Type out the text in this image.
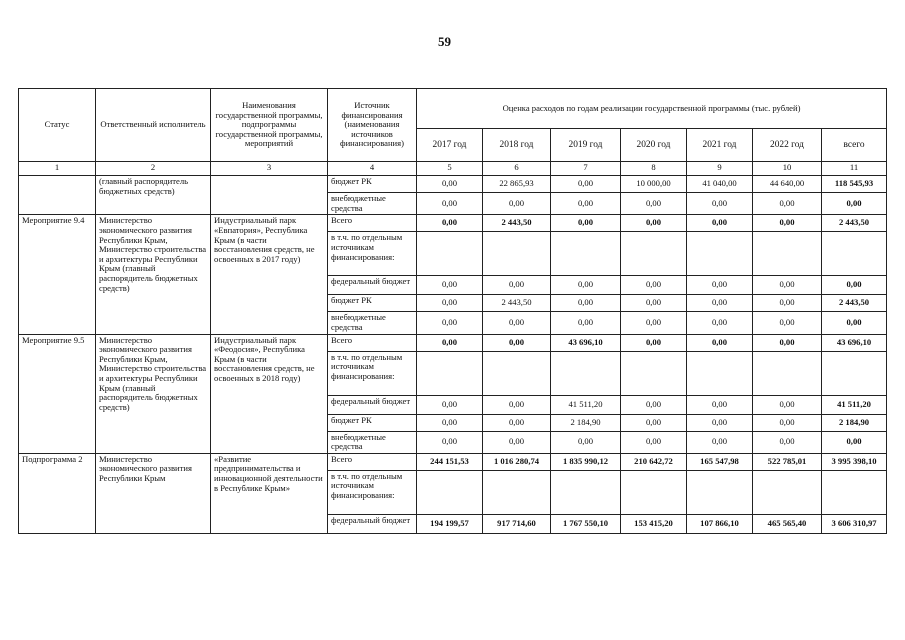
59
Статус	Ответственный исполнитель	Наименования государственной программы, подпрограммы государственной программы, мероприятий	Источник финансирования (наименования источников финансирования)	Оценка расходов по годам реализации государственной программы (тыс. рублей)						
				2017 год	2018 год	2019 год	2020 год	2021 год	2022 год	всего
1	2	3	4	5	6	7	8	9	10	11
	(главный распорядитель бюджетных средств)		бюджет РК	0,00	22 865,93	0,00	10 000,00	41 040,00	44 640,00	118 545,93
			внебюджетные средства	0,00	0,00	0,00	0,00	0,00	0,00	0,00
Мероприятие 9.4	Министерство экономического развития Республики Крым, Министерство строительства и архитектуры Республики Крым (главный распорядитель бюджетных средств)	Индустриальный парк «Евпатория», Республика Крым (в части восстановления средств, не освоенных в 2017 году)	Всего	0,00	2 443,50	0,00	0,00	0,00	0,00	2 443,50
			в т.ч. по отдельным источникам финансирования:							
			федеральный бюджет	0,00	0,00	0,00	0,00	0,00	0,00	0,00
			бюджет РК	0,00	2 443,50	0,00	0,00	0,00	0,00	2 443,50
			внебюджетные средства	0,00	0,00	0,00	0,00	0,00	0,00	0,00
Мероприятие 9.5	Министерство экономического развития Республики Крым, Министерство строительства и архитектуры Республики Крым (главный распорядитель бюджетных средств)	Индустриальный парк «Феодосия», Республика Крым (в части восстановления средств, не освоенных в 2018 году)	Всего	0,00	0,00	43 696,10	0,00	0,00	0,00	43 696,10
			в т.ч. по отдельным источникам финансирования:							
			федеральный бюджет	0,00	0,00	41 511,20	0,00	0,00	0,00	41 511,20
			бюджет РК	0,00	0,00	2 184,90	0,00	0,00	0,00	2 184,90
			внебюджетные средства	0,00	0,00	0,00	0,00	0,00	0,00	0,00
Подпрограмма 2	Министерство экономического развития Республики Крым	«Развитие предпринимательства и инновационной деятельности в Республике Крым»	Всего	244 151,53	1 016 280,74	1 835 990,12	210 642,72	165 547,98	522 785,01	3 995 398,10
			в т.ч. по отдельным источникам финансирования:							
			федеральный бюджет	194 199,57	917 714,60	1 767 550,10	153 415,20	107 866,10	465 565,40	3 606 310,97
